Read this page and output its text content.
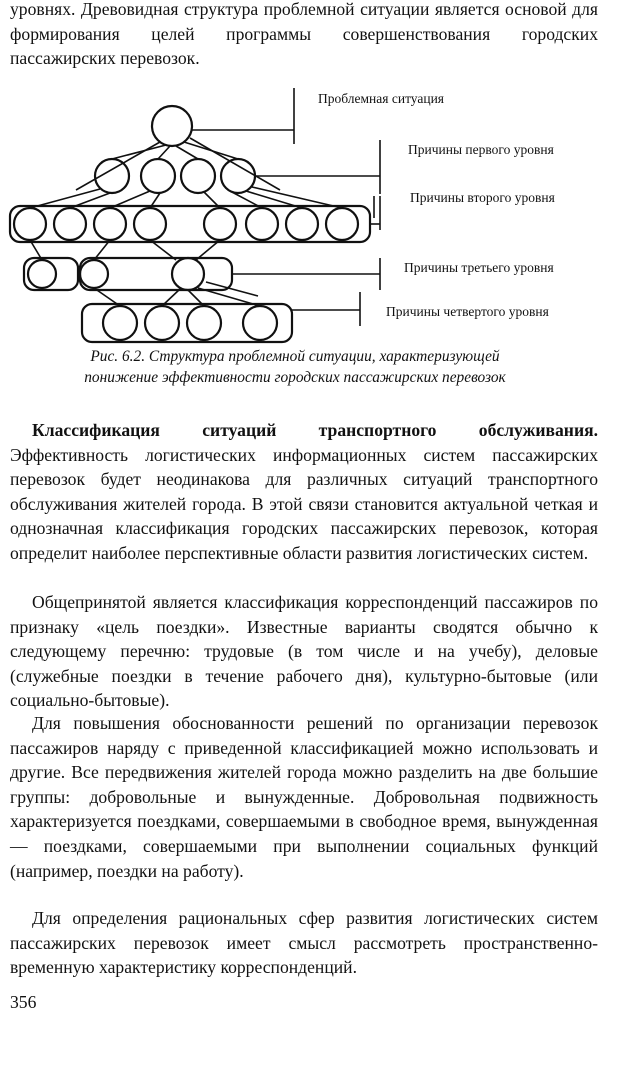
уровнях. Древовидная структура проблемной ситуации является основой для формирования целей программы совершенствования городских пассажирских перевозок.

Проблемная ситуация
Причины первого уровня
Причины второго уровня
Причины третьего уровня
Причины четвертого уровня
Рис. 6.2. Структура проблемной ситуации, характеризующей понижение эффективности городских пассажирских перевозок

Классификация ситуаций транспортного обслуживания. Эффективность логистических информационных систем пассажирских перевозок будет неодинакова для различных ситуаций транспортного обслуживания жителей города. В этой связи становится актуальной четкая и однозначная классификация городских пассажирских перевозок, которая определит наиболее перспективные области развития логистических систем.

Общепринятой является классификация корреспонденций пассажиров по признаку «цель поездки». Известные варианты сводятся обычно к следующему перечню: трудовые (в том числе и на учебу), деловые (служебные поездки в течение рабочего дня), культурно-бытовые (или социально-бытовые).

Для повышения обоснованности решений по организации перевозок пассажиров наряду с приведенной классификацией можно использовать и другие. Все передвижения жителей города можно разделить на две большие группы: добровольные и вынужденные. Добровольная подвижность характеризуется поездками, совершаемыми в свободное время, вынужденная — поездками, совершаемыми при выполнении социальных функций (например, поездки на работу).

Для определения рациональных сфер развития логистических систем пассажирских перевозок имеет смысл рассмотреть пространственно-временную характеристику корреспонденций.

356
